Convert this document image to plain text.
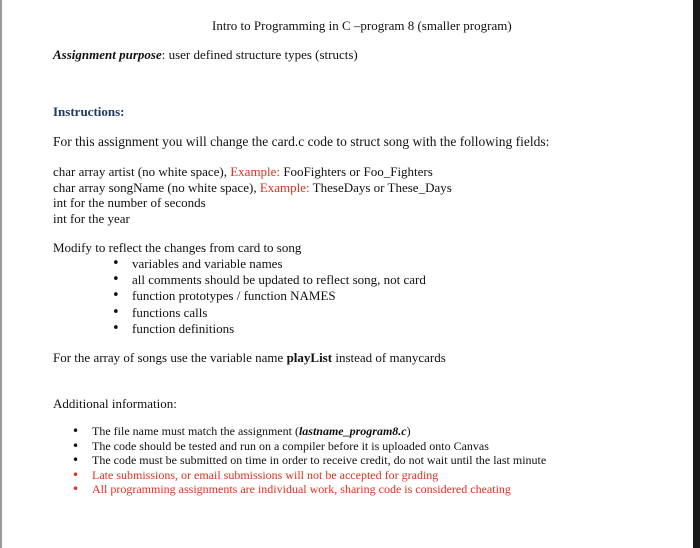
Intro to Programming in C –program 8 (smaller program)
Assignment purpose: user defined structure types (structs)
Instructions:
For this assignment you will change the card.c code to struct song with the following fields:
char array artist (no white space), Example: FooFighters or Foo_Fighters
char array songName (no white space), Example: TheseDays or These_Days
int for the number of seconds
int for the year
Modify to reflect the changes from card to song
• variables and variable names
• all comments should be updated to reflect song, not card
• function prototypes / function NAMES
• functions calls
• function definitions
For the array of songs use the variable name playList instead of manycards
Additional information:
• The file name must match the assignment (lastname_program8.c)
• The code should be tested and run on a compiler before it is uploaded onto Canvas
• The code must be submitted on time in order to receive credit, do not wait until the last minute
• Late submissions, or email submissions will not be accepted for grading
• All programming assignments are individual work, sharing code is considered cheating
